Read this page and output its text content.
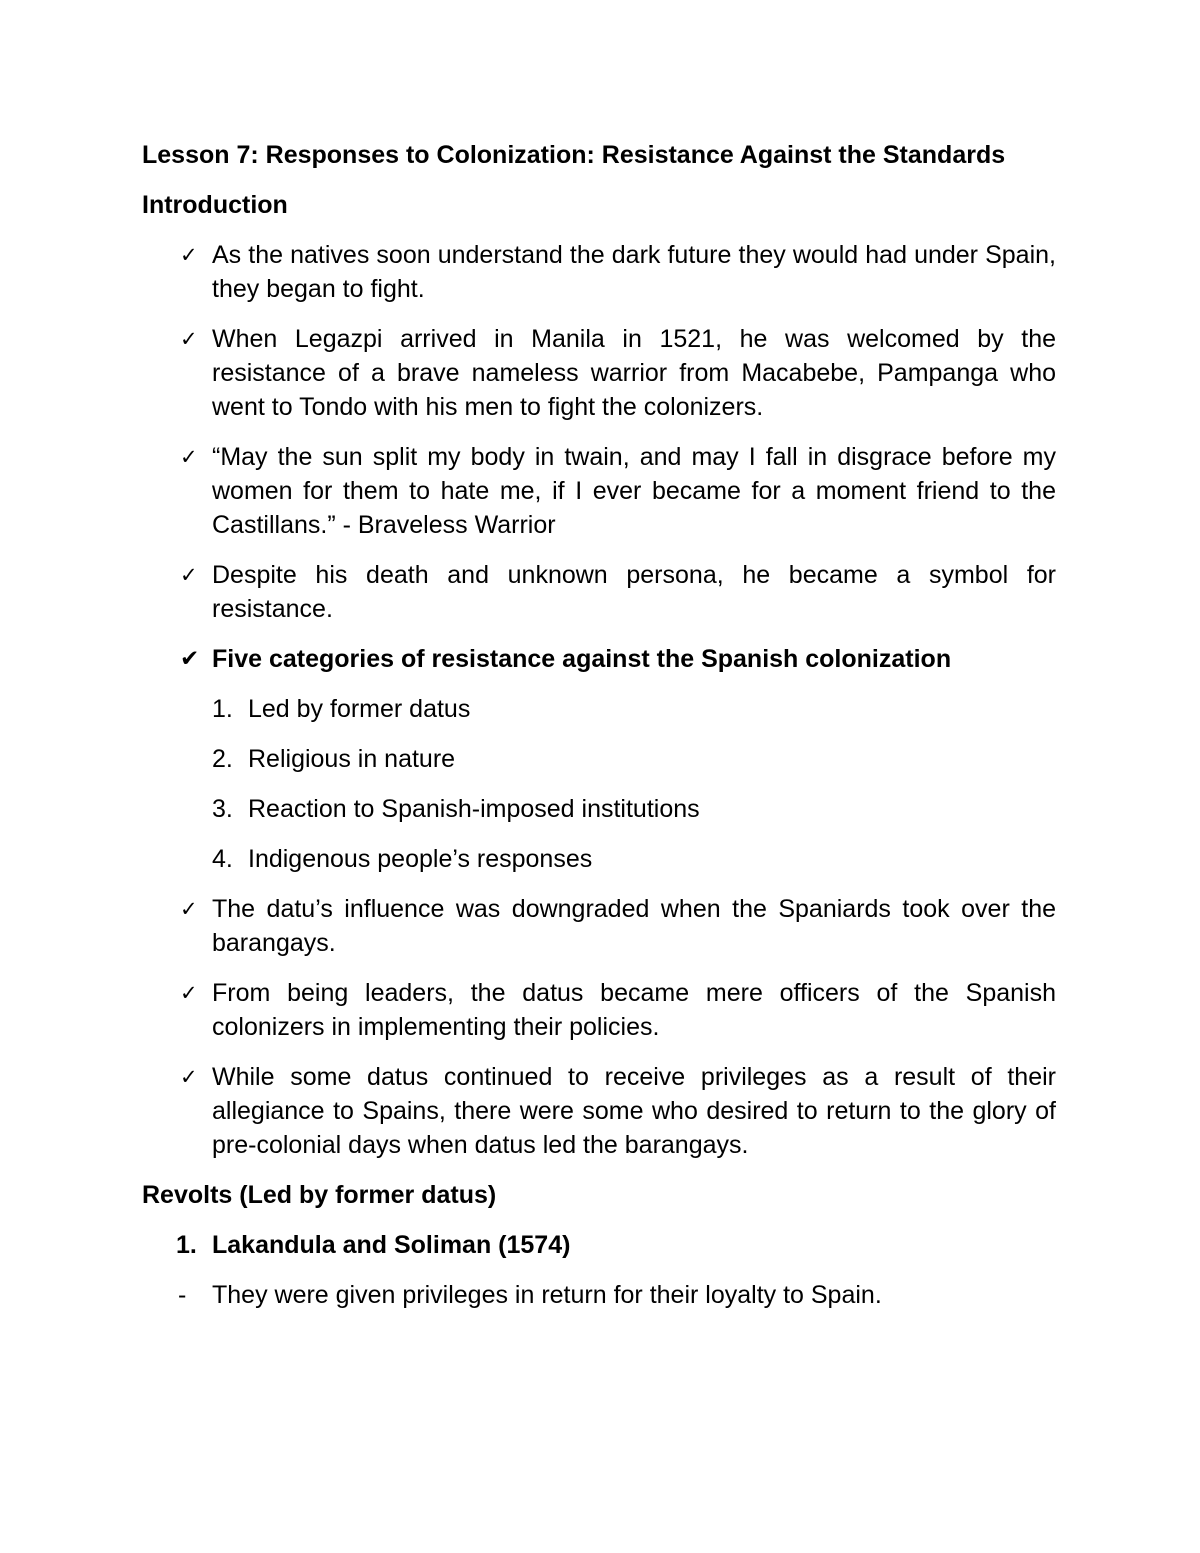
Lesson 7: Responses to Colonization: Resistance Against the Standards
Introduction
✓ As the natives soon understand the dark future they would had under Spain, they began to fight.
✓ When Legazpi arrived in Manila in 1521, he was welcomed by the resistance of a brave nameless warrior from Macabebe, Pampanga who went to Tondo with his men to fight the colonizers.
✓ “May the sun split my body in twain, and may I fall in disgrace before my women for them to hate me, if I ever became for a moment friend to the Castillans.” - Braveless Warrior
✓ Despite his death and unknown persona, he became a symbol for resistance.
✔ Five categories of resistance against the Spanish colonization
1. Led by former datus
2. Religious in nature
3. Reaction to Spanish-imposed institutions
4. Indigenous people’s responses
✓ The datu’s influence was downgraded when the Spaniards took over the barangays.
✓ From being leaders, the datus became mere officers of the Spanish colonizers in implementing their policies.
✓ While some datus continued to receive privileges as a result of their allegiance to Spains, there were some who desired to return to the glory of pre-colonial days when datus led the barangays.
Revolts (Led by former datus)
1. Lakandula and Soliman (1574)
- They were given privileges in return for their loyalty to Spain.
